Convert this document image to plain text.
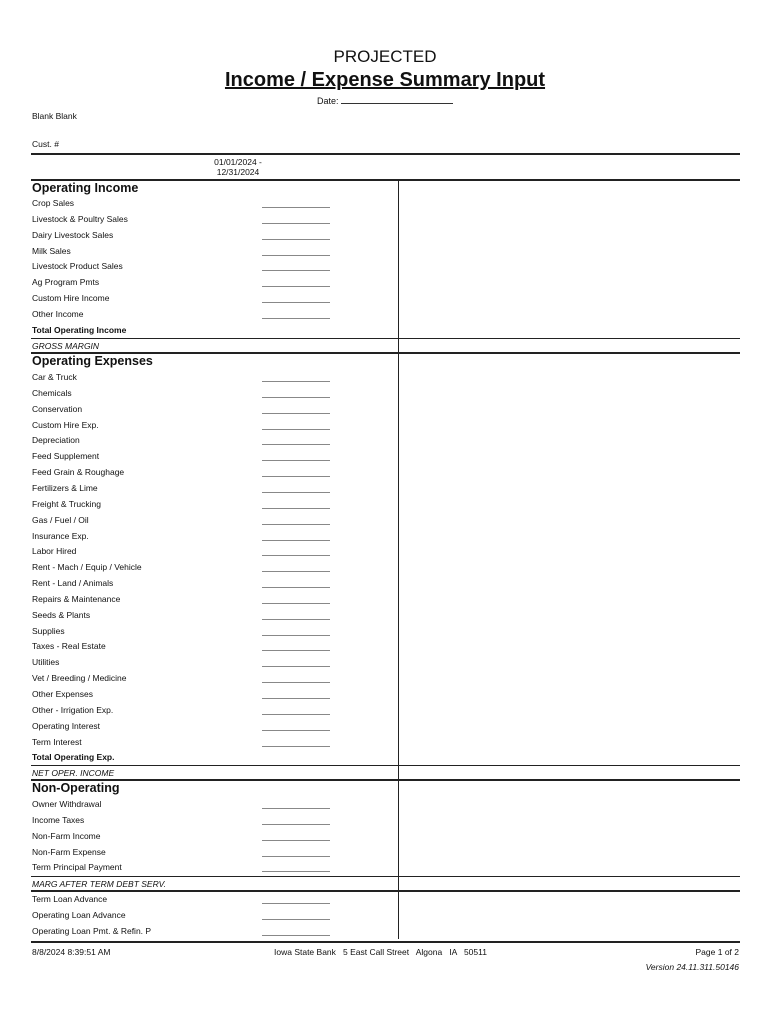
PROJECTED
Income / Expense Summary Input
Date:
Blank Blank
Cust. #
01/01/2024 -
12/31/2024
Operating Income
Crop Sales
Livestock & Poultry Sales
Dairy Livestock Sales
Milk Sales
Livestock Product Sales
Ag Program Pmts
Custom Hire Income
Other Income
Total Operating Income
GROSS MARGIN
Operating Expenses
Car & Truck
Chemicals
Conservation
Custom Hire Exp.
Depreciation
Feed Supplement
Feed Grain & Roughage
Fertilizers & Lime
Freight & Trucking
Gas / Fuel / Oil
Insurance Exp.
Labor Hired
Rent - Mach / Equip / Vehicle
Rent - Land / Animals
Repairs & Maintenance
Seeds & Plants
Supplies
Taxes - Real Estate
Utilities
Vet / Breeding / Medicine
Other Expenses
Other - Irrigation Exp.
Operating Interest
Term Interest
Total Operating Exp.
NET OPER. INCOME
Non-Operating
Owner Withdrawal
Income Taxes
Non-Farm Income
Non-Farm Expense
Term Principal Payment
MARG AFTER TERM DEBT SERV.
Term Loan Advance
Operating Loan Advance
Operating Loan Pmt. & Refin. P
8/8/2024 8:39:51 AM	Iowa State Bank   5 East Call Street   Algona   IA   50511	Page 1 of 2
Version 24.11.311.50146
